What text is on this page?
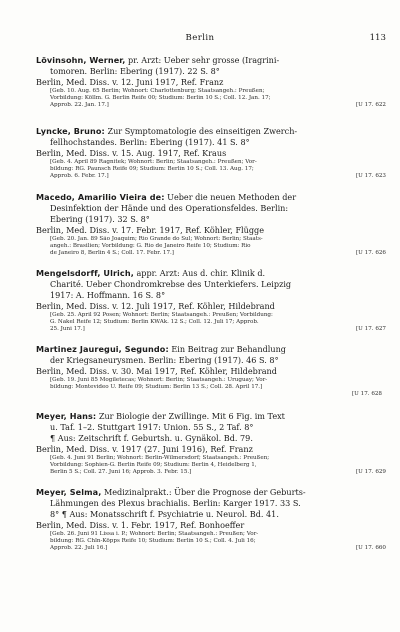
Berlin	113
Lövinsohn, Werner, pr. Arzt: Ueber sehr grosse (Iragrini-
tomoren. Berlin: Ebering (1917). 22 S. 8°
Berlin, Med. Diss. v. 12. Juni 1917, Ref. Franz
[Geb. 10. Aug. 65 Berlin; Wohnort: Charlottenburg; Staatsangeh.: Preußen;
Vorbildung: Köllm. G. Berlin Reife 00; Studium: Berlin 10 S.; Coll. 12. Jan. 17;
Approb. 22. Jan. 17.]	[U 17. 622
Lyncke, Bruno: Zur Symptomatologie des einseitigen Zwerch-
fellhochstandes. Berlin: Ebering (1917). 41 S. 8°
Berlin, Med. Diss. v. 15. Aug. 1917, Ref. Kraus
[Geb. 4. April 89 Ragnitek; Wohnort: Berlin; Staatsangeh.: Preußen; Vor-
bildung: RG. Paunsch Reife 09; Studium: Berlin 10 S.; Coll. 13. Aug. 17;
Approb. 6. Febr. 17.]	[U 17. 623
Macedo, Amarilio Vieira de: Ueber die neuen Methoden der
Desinfektion der Hände und des Operationsfeldes. Berlin:
Ebering (1917). 32 S. 8°
Berlin, Med. Diss. v. 17. Febr. 1917, Ref. Köhler, Flügge
[Geb. 20. Jan. 89 São Joaquim; Rio Grande do Sul; Wohnort: Berlin; Staats-
angeh.: Brasilien; Vorbildung: G. Rio de Janeiro Reife 10; Studium: Rio
de Janeiro 8, Berlin 4 S.; Coll. 17. Febr. 17.]	[U 17. 626
Mengelsdorff, Ulrich, appr. Arzt: Aus d. chir. Klinik d.
Charité. Ueber Chondromkrebse des Unterkiefers. Leipzig
1917: A. Hoffmann. 16 S. 8°
Berlin, Med. Diss. v. 12. Juli 1917, Ref. Köhler, Hildebrand
[Geb. 25. April 92 Posen; Wohnort: Berlin; Staatsangeh.: Preußen; Vorbildung:
G. Nakel Reife 12; Studium: Berlin KWAk. 12 S.; Coll. 12. Juli 17; Approb.
25. Juni 17.]	[U 17. 627
Martinez Jauregui, Segundo: Ein Beitrag zur Behandlung
der Kriegsaneurysmen. Berlin: Ebering (1917). 46 S. 8°
Berlin, Med. Diss. v. 30. Mai 1917, Ref. Köhler, Hildebrand
[Geb. 19. Juni 85 Mogiletecas; Wohnort: Berlin; Staatsangeh.: Uruguay; Vor-
bildung: Montevideo U. Reife 09; Studium: Berlin 13 S.; Coll. 28. April 17.]
[U 17. 628
Meyer, Hans: Zur Biologie der Zwillinge. Mit 6 Fig. im Text
u. Taf. 1–2. Stuttgart 1917: Union. 55 S., 2 Taf. 8°
¶ Aus: Zeitschrift f. Geburtsh. u. Gynäkol. Bd. 79.
Berlin, Med. Diss. v. 1917 (27. Juni 1916), Ref. Franz
[Geb. 4. Juni 91 Berlin; Wohnort: Berlin-Wilmersdorf; Staatsangeh.: Preußen;
Vorbildung: Sophien-G. Berlin Reife 09; Studium: Berlin 4, Heidelberg 1,
Berlin 5 S.; Coll. 27. Juni 16; Approb. 3. Febr. 15.]	[U 17. 629
Meyer, Selma, Medizinalprakt.: Über die Prognose der Geburts-
Lähmungen des Plexus brachialis. Berlin: Karger 1917. 33 S.
8° ¶ Aus: Monatsschrift f. Psychiatrie u. Neurol. Bd. 41.
Berlin, Med. Diss. v. 1. Febr. 1917, Ref. Bonhoeffer
[Geb. 26. Juni 91 Lissa i. P.; Wohnort: Berlin; Staatsangeh.: Preußen; Vor-
bildung: RG. Chln-Köpps Reife 10; Studium: Berlin 10 S.; Coll. 4. Juli 16;
Approb. 22. Juli 16.]	[U 17. 660
